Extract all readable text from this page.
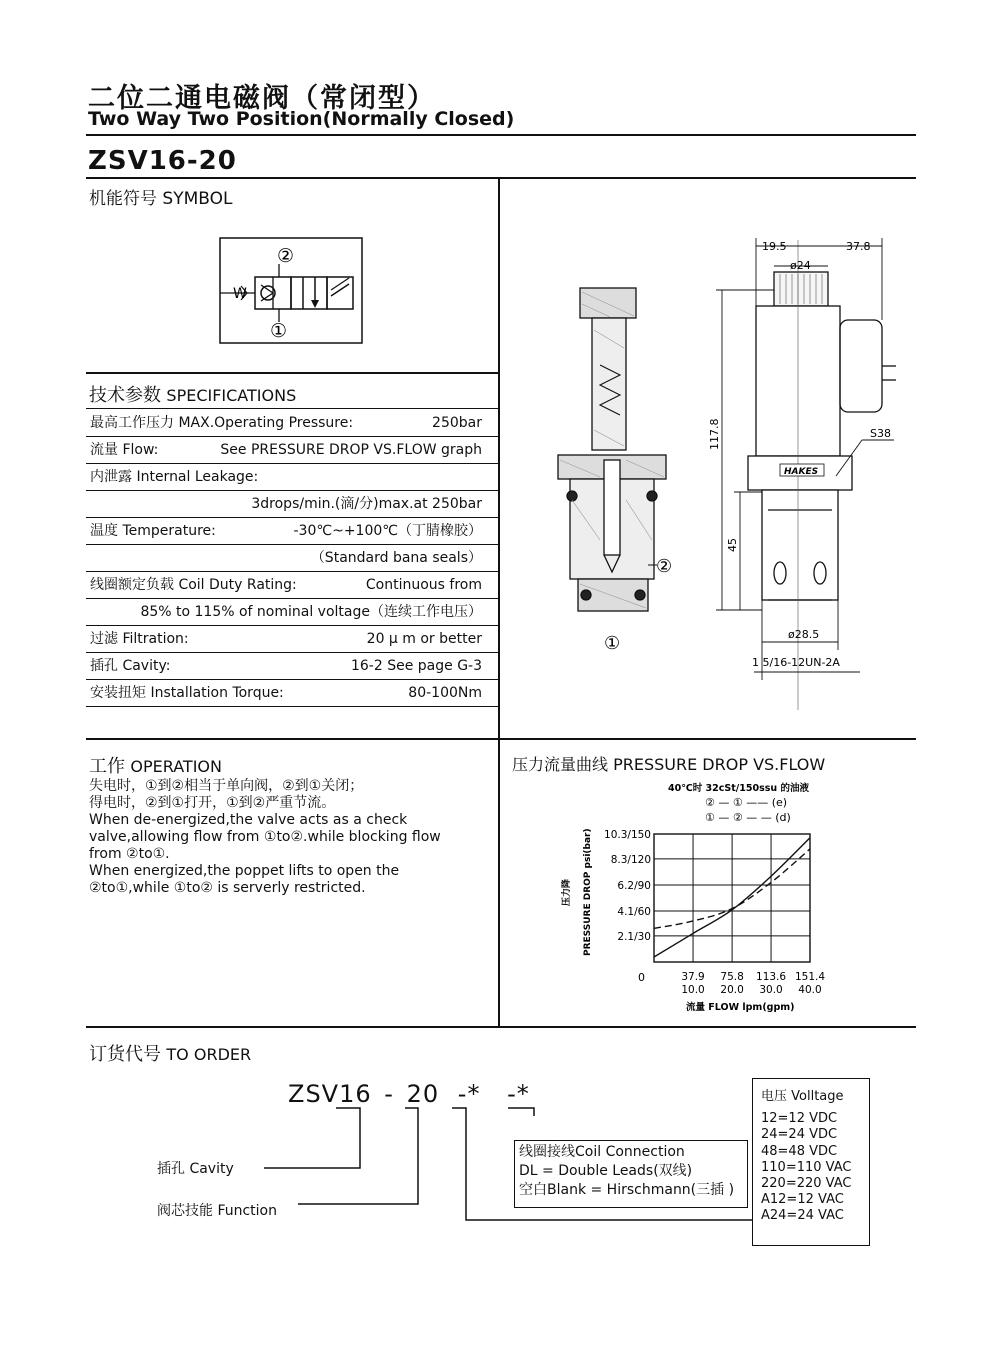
二位二通电磁阀（常闭型）
Two Way Two Position(Normally Closed)
ZSV16-20
机能符号 SYMBOL
②
①
W
技术参数 SPECIFICATIONS
最高工作压力 MAX.Operating Pressure:	250bar
流量 Flow:	See PRESSURE DROP VS.FLOW graph
内泄露 Internal Leakage:
3drops/min.(滴/分)max.at 250bar
温度 Temperature:	-30℃~+100℃（丁腈橡胶）
（Standard bana seals）
线圈额定负载 Coil Duty Rating:	Continuous from
85% to 115% of nominal voltage（连续工作电压）
过滤 Filtration:	20 μ m or better
插孔 Cavity:	16-2 See page G-3
安装扭矩 Installation Torque:	80-100Nm
①
②
HAKES
19.5	37.8
ø24
117.8	S38
45
ø28.5
1 5/16-12UN-2A
工作 OPERATION
失电时，①到②相当于单向阀，②到①关闭；
得电时，②到①打开，①到②严重节流。
When de-energized,the valve acts as a check
valve,allowing flow from ①to②.while blocking flow
from ②to①.
When energized,the poppet lifts to open the
②to①,while ①to② is serverly restricted.
压力流量曲线 PRESSURE DROP VS.FLOW
40℃时 32cSt/150ssu 的油液
② — ① —— (e)
① — ② — — (d)
压力降 PRESSURE DROP psi(bar)
流量 FLOW lpm(gpm)
0
10.3/150
8.3/120
6.2/90
4.1/60
2.1/30
37.9 75.8 113.6 151.4
10.0 20.0 30.0 40.0
订货代号 TO ORDER
ZSV16 - 20 -* -*
插孔 Cavity
阀芯技能 Function
线圈接线Coil Connection
DL = Double Leads(双线)
空白Blank = Hirschmann(三插 )
电压 Volltage
12=12 VDC
24=24 VDC
48=48 VDC
110=110 VAC
220=220 VAC
A12=12 VAC
A24=24 VAC
